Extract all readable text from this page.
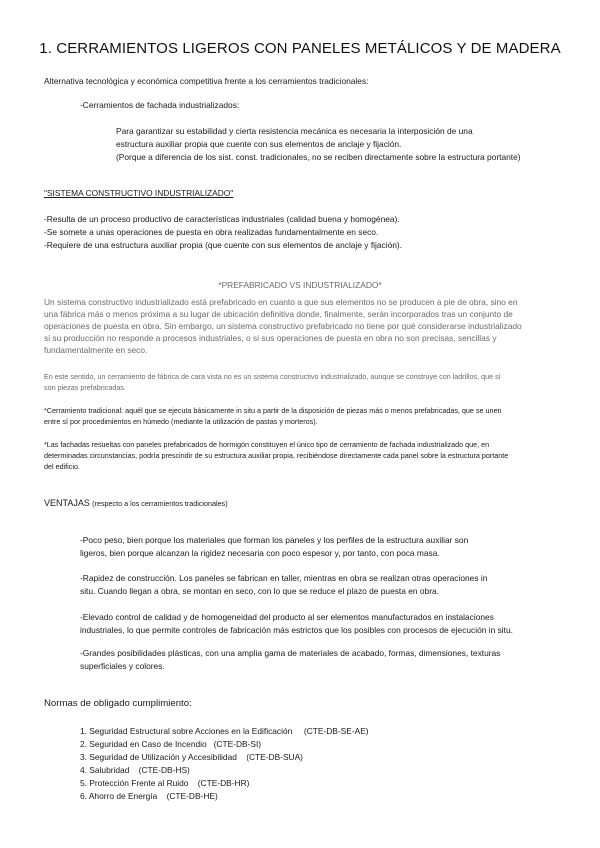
1. CERRAMIENTOS LIGEROS CON PANELES METÁLICOS Y DE MADERA
Alternativa tecnológica y económica competitiva frente a los cerramientos tradicionales:
-Cerramientos de fachada industrializados:
Para garantizar su estabilidad y cierta resistencia mecánica es necesaria la interposición de una
estructura auxiliar propia que cuente con sus elementos de anclaje y fijación.
(Porque a diferencia de los sist. const. tradicionales, no se reciben directamente sobre la estructura portante)
"SISTEMA CONSTRUCTIVO INDUSTRIALIZADO"
-Resulta de un proceso productivo de características industriales (calidad buena y homogénea).
-Se somete a unas operaciones de puesta en obra realizadas fundamentalmente en seco.
-Requiere de una estructura auxiliar propia (que cuente con sus elementos de anclaje y fijación).
*PREFABRICADO VS INDUSTRIALIZADO*
Un sistema constructivo industrializado está prefabricado en cuanto a que sus elementos no se producen a pie de obra, sino en
una fábrica más o menos próxima a su lugar de ubicación definitiva donde, finalmente, serán incorporados tras un conjunto de
operaciones de puesta en obra. Sin embargo, un sistema constructivo prefabricado no tiene por qué considerarse industrializado
si su producción no responde a procesos industriales, o si sus operaciones de puesta en obra no son precisas, sencillas y
fundamentalmente en seco.
En este sentido, un cerramiento de fábrica de cara vista no es un sistema constructivo industrializado, aunque se construye con ladrillos, que sí
son piezas prefabricadas.
*Cerramiento tradicional: aquél que se ejecuta básicamente in situ a partir de la disposición de piezas más o menos prefabricadas, que se unen
entre sí por procedimientos en húmedo (mediante la utilización de pastas y morteros).
*Las fachadas resueltas con paneles prefabricados de hormigón constituyen el único tipo de cerramiento de fachada industrializado que, en
determinadas circunstancias, podría prescindir de su estructura auxiliar propia, recibiéndose directamente cada panel sobre la estructura portante
del edificio.
VENTAJAS (respecto a los cerramientos tradicionales)
-Poco peso, bien porque los materiales que forman los paneles y los perfiles de la estructura auxiliar son
ligeros, bien porque alcanzan la rigidez necesaria con poco espesor y, por tanto, con poca masa.
-Rapidez de construcción. Los paneles se fabrican en taller, mientras en obra se realizan otras operaciones in
situ. Cuando llegan a obra, se montan en seco, con lo que se reduce el plazo de puesta en obra.
-Elevado control de calidad y de homogeneidad del producto al ser elementos manufacturados en instalaciones
industriales, lo que permite controles de fabricación más estrictos que los posibles con procesos de ejecución in situ.
-Grandes posibilidades plásticas, con una amplia gama de materiales de acabado, formas, dimensiones, texturas
superficiales y colores.
Normas de obligado cumplimiento:
1. Seguridad Estructural sobre Acciones en la Edificación     (CTE-DB-SE-AE)
2. Seguridad en Caso de Incendio   (CTE-DB-SI)
3. Seguridad de Utilización y Accesibilidad    (CTE-DB-SUA)
4. Salubridad    (CTE-DB-HS)
5. Protección Frente al Ruido    (CTE-DB-HR)
6. Ahorro de Energía    (CTE-DB-HE)
